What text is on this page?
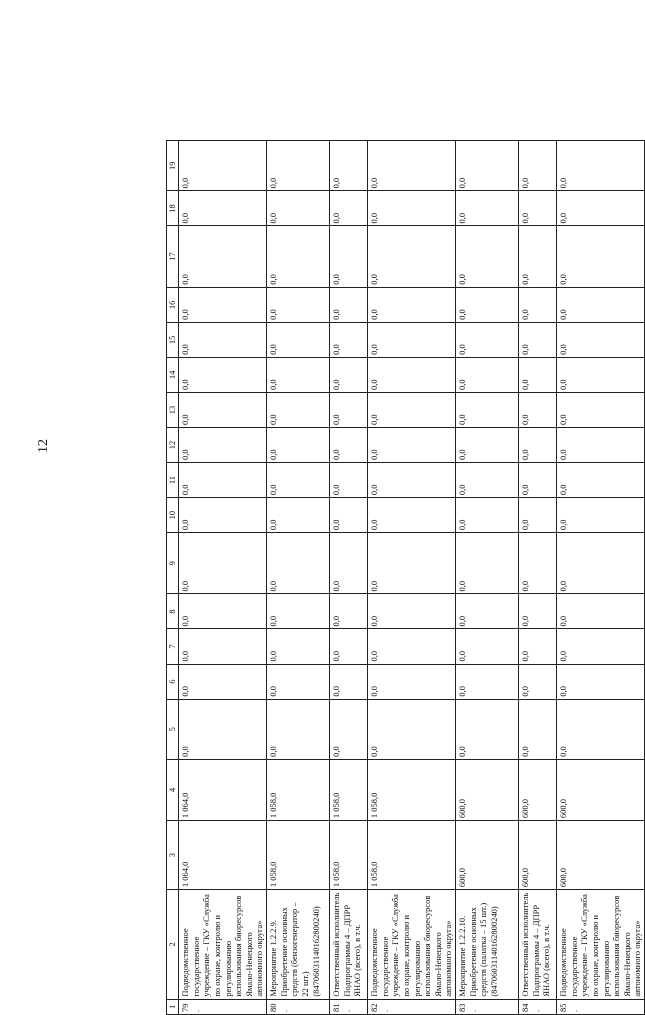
12
1	2	3	4	5	6	7	8	9	10	11	12	13	14	15	16	17	18	19
79.	Подведомственное государственное учреждение – ГКУ «Служба по охране, контролю и регулированию использования биоресурсов Ямало-Ненецкого автономного округа»	1 064,0	1 064,0	0,0	0,0	0,0	0,0	0,0	0,0	0,0	0,0	0,0	0,0	0,0	0,0	0,0	0,0	0,0
80.	Мероприятие 1.2.2.9. Приобретение основных средств (бензогенератор – 22 шт.) (84706031140162800240)	1 058,0	1 058,0	0,0	0,0	0,0	0,0	0,0	0,0	0,0	0,0	0,0	0,0	0,0	0,0	0,0	0,0	0,0
81.	Ответственный исполнитель Подпрограммы 4 – ДПРР ЯНАО (всего), в т.ч.	1 058,0	1 058,0	0,0	0,0	0,0	0,0	0,0	0,0	0,0	0,0	0,0	0,0	0,0	0,0	0,0	0,0	0,0
82.	Подведомственное государственное учреждение – ГКУ «Служба по охране, контролю и регулированию использования биоресурсов Ямало-Ненецкого автономного округа»	1 058,0	1 058,0	0,0	0,0	0,0	0,0	0,0	0,0	0,0	0,0	0,0	0,0	0,0	0,0	0,0	0,0	0,0
83.	Мероприятие 1.2.2.10. Приобретение основных средств (палатка – 15 шт.) (84706031140162800240)	600,0	600,0	0,0	0,0	0,0	0,0	0,0	0,0	0,0	0,0	0,0	0,0	0,0	0,0	0,0	0,0	0,0
84.	Ответственный исполнитель Подпрограммы 4 – ДПРР ЯНАО (всего), в т.ч.	600,0	600,0	0,0	0,0	0,0	0,0	0,0	0,0	0,0	0,0	0,0	0,0	0,0	0,0	0,0	0,0	0,0
85.	Подведомственное государственное учреждение – ГКУ «Служба по охране, контролю и регулированию использования биоресурсов Ямало-Ненецкого автономного округа»	600,0	600,0	0,0	0,0	0,0	0,0	0,0	0,0	0,0	0,0	0,0	0,0	0,0	0,0	0,0	0,0	0,0
